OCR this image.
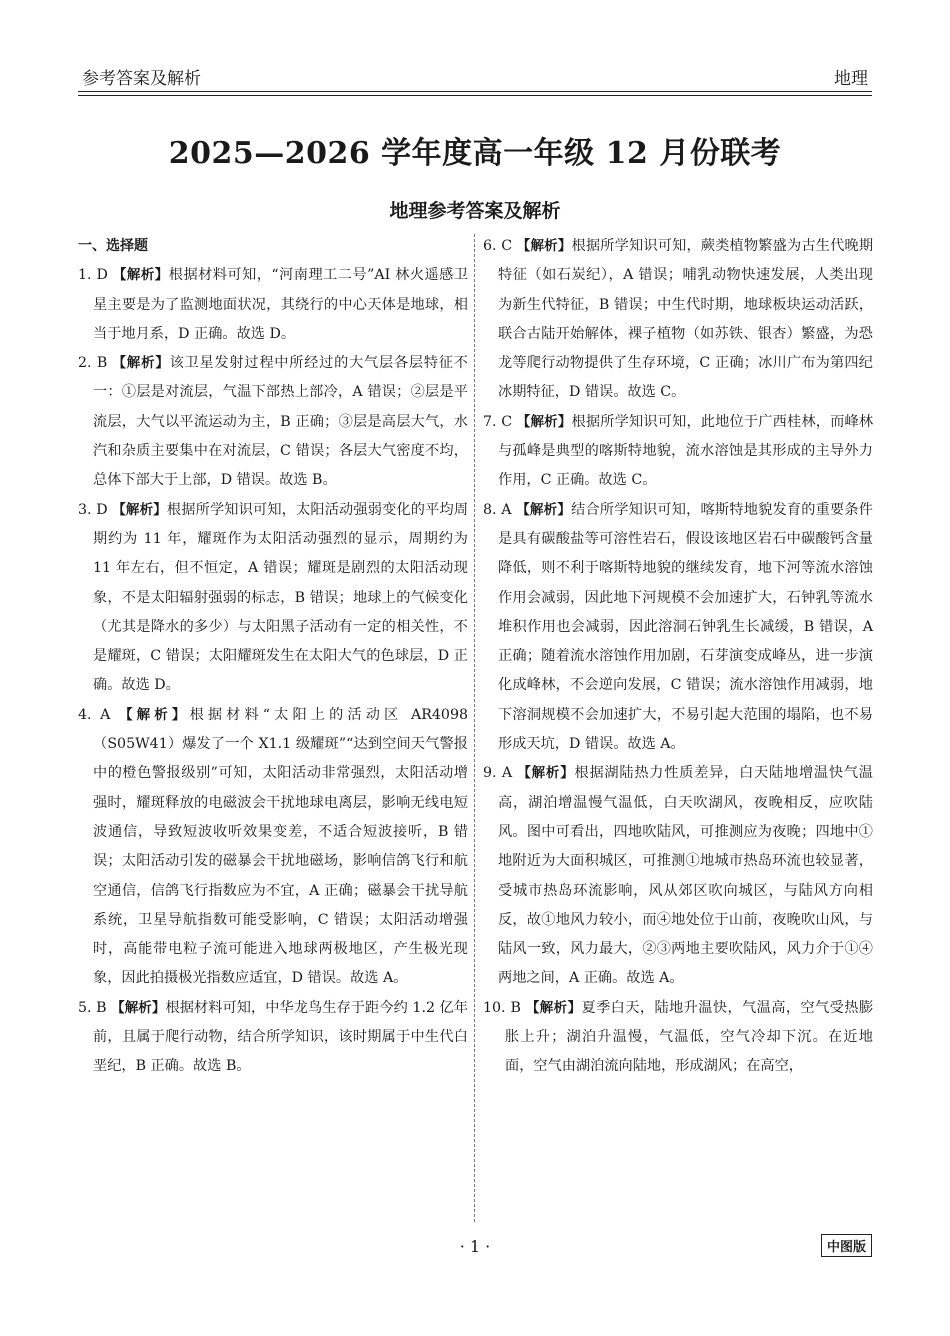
参考答案及解析	地理
2025—2026 学年度高一年级 12 月份联考
地理参考答案及解析
一、选择题

1. D 【解析】根据材料可知，“河南理工二号”AI 林火遥感卫星主要是为了监测地面状况，其绕行的中心天体是地球，相当于地月系，D 正确。故选 D。

2. B 【解析】该卫星发射过程中所经过的大气层各层特征不一：①层是对流层，气温下部热上部冷，A 错误；②层是平流层，大气以平流运动为主，B 正确；③层是高层大气，水汽和杂质主要集中在对流层，C 错误；各层大气密度不均，总体下部大于上部，D 错误。故选 B。

3. D 【解析】根据所学知识可知，太阳活动强弱变化的平均周期约为 11 年，耀斑作为太阳活动强烈的显示，周期约为 11 年左右，但不恒定，A 错误；耀斑是剧烈的太阳活动现象，不是太阳辐射强弱的标志，B 错误；地球上的气候变化（尤其是降水的多少）与太阳黑子活动有一定的相关性，不是耀斑，C 错误；太阳耀斑发生在太阳大气的色球层，D 正确。故选 D。

4. A 【解析】根据材料“太阳上的活动区 AR4098（S05W41）爆发了一个 X1.1 级耀斑”“达到空间天气警报中的橙色警报级别”可知，太阳活动非常强烈，太阳活动增强时，耀斑释放的电磁波会干扰地球电离层，影响无线电短波通信，导致短波收听效果变差，不适合短波接听，B 错误；太阳活动引发的磁暴会干扰地磁场，影响信鸽飞行和航空通信，信鸽飞行指数应为不宜，A 正确；磁暴会干扰导航系统，卫星导航指数可能受影响，C 错误；太阳活动增强时，高能带电粒子流可能进入地球两极地区，产生极光现象，因此拍摄极光指数应适宜，D 错误。故选 A。

5. B 【解析】根据材料可知，中华龙鸟生存于距今约 1.2 亿年前，且属于爬行动物，结合所学知识，该时期属于中生代白垩纪，B 正确。故选 B。

6. C 【解析】根据所学知识可知，蕨类植物繁盛为古生代晚期特征（如石炭纪），A 错误；哺乳动物快速发展，人类出现为新生代特征，B 错误；中生代时期，地球板块运动活跃，联合古陆开始解体，裸子植物（如苏铁、银杏）繁盛，为恐龙等爬行动物提供了生存环境，C 正确；冰川广布为第四纪冰期特征，D 错误。故选 C。

7. C 【解析】根据所学知识可知，此地位于广西桂林，而峰林与孤峰是典型的喀斯特地貌，流水溶蚀是其形成的主导外力作用，C 正确。故选 C。

8. A 【解析】结合所学知识可知，喀斯特地貌发育的重要条件是具有碳酸盐等可溶性岩石，假设该地区岩石中碳酸钙含量降低，则不利于喀斯特地貌的继续发育，地下河等流水溶蚀作用会减弱，因此地下河规模不会加速扩大，石钟乳等流水堆积作用也会减弱，因此溶洞石钟乳生长减缓，B 错误，A 正确；随着流水溶蚀作用加剧，石芽演变成峰丛，进一步演化成峰林，不会逆向发展，C 错误；流水溶蚀作用减弱，地下溶洞规模不会加速扩大，不易引起大范围的塌陷，也不易形成天坑，D 错误。故选 A。

9. A 【解析】根据湖陆热力性质差异，白天陆地增温快气温高，湖泊增温慢气温低，白天吹湖风，夜晚相反，应吹陆风。图中可看出，四地吹陆风，可推测应为夜晚；四地中①地附近为大面积城区，可推测①地城市热岛环流也较显著，受城市热岛环流影响，风从郊区吹向城区，与陆风方向相反，故①地风力较小，而④地处位于山前，夜晚吹山风，与陆风一致，风力最大，②③两地主要吹陆风，风力介于①④两地之间，A 正确。故选 A。

10. B 【解析】夏季白天，陆地升温快，气温高，空气受热膨胀上升；湖泊升温慢，气温低，空气冷却下沉。在近地面，空气由湖泊流向陆地，形成湖风；在高空，

· 1 ·	中图版
